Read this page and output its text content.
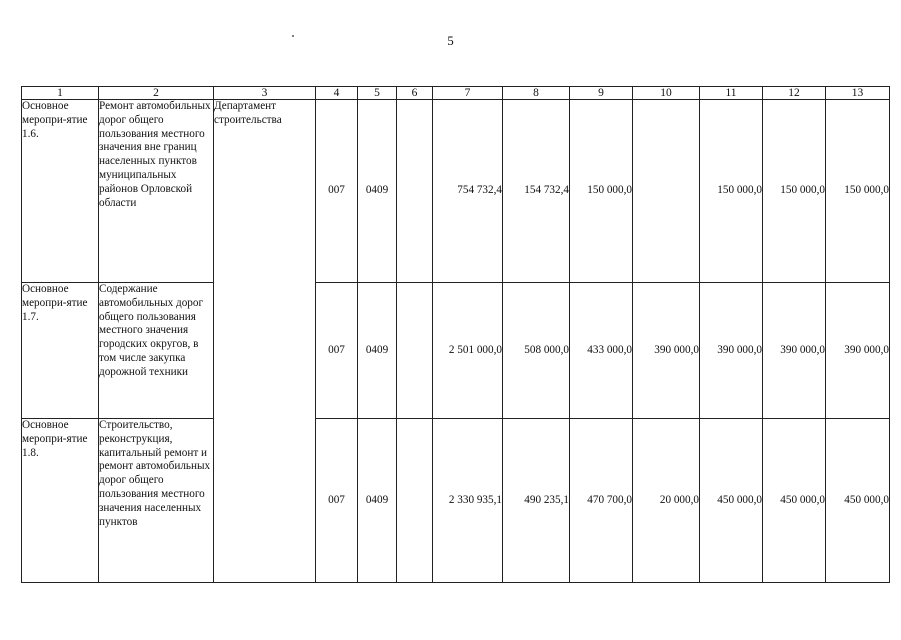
5
1	2	3	4	5	6	7	8	9	10	11	12	13
Основное меропри-ятие 1.6.	Ремонт автомобильных дорог общего пользования местного значения вне границ населенных пунктов муниципальных районов Орловской области	Департамент строительства	007	0409		754 732,4	154 732,4	150 000,0		150 000,0	150 000,0	150 000,0
Основное меропри-ятие 1.7.	Содержание автомобильных дорог общего пользования местного значения городских округов, в том числе закупка дорожной техники		007	0409		2 501 000,0	508 000,0	433 000,0	390 000,0	390 000,0	390 000,0	390 000,0
Основное меропри-ятие 1.8.	Строительство, реконструкция, капитальный ремонт и ремонт автомобильных дорог общего пользования местного значения населенных пунктов		007	0409		2 330 935,1	490 235,1	470 700,0	20 000,0	450 000,0	450 000,0	450 000,0
